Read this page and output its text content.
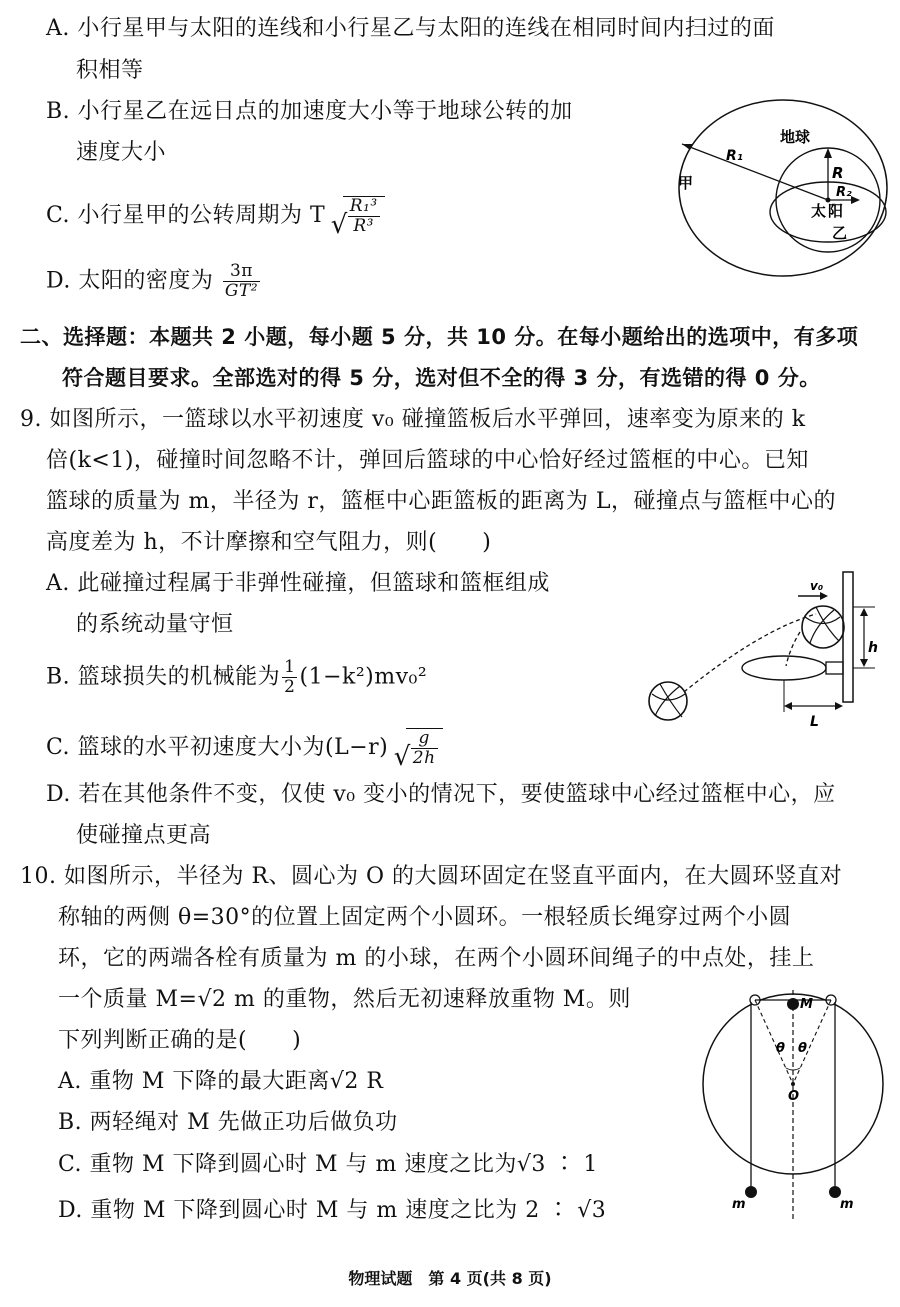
A. 小行星甲与太阳的连线和小行星乙与太阳的连线在相同时间内扫过的面
积相等
B. 小行星乙在远日点的加速度大小等于地球公转的加
速度大小
C. 小行星甲的公转周期为 T √ $\frac{\text{R₁³}}{\text{R³}}$
D. 太阳的密度为 $\frac{3\pi}{\text{GT²}}$
地球
R₁
R
R₂
太 阳
甲
乙
二、选择题：本题共 2 小题，每小题 5 分，共 10 分。在每小题给出的选项中，有多项
符合题目要求。全部选对的得 5 分，选对但不全的得 3 分，有选错的得 0 分。
9. 如图所示，一篮球以水平初速度 v₀ 碰撞篮板后水平弹回，速率变为原来的 k
倍(k<1)，碰撞时间忽略不计，弹回后篮球的中心恰好经过篮框的中心。已知
篮球的质量为 m，半径为 r，篮框中心距篮板的距离为 L，碰撞点与篮框中心的
高度差为 h，不计摩擦和空气阻力，则(　　)
A. 此碰撞过程属于非弹性碰撞，但篮球和篮框组成
的系统动量守恒
B. 篮球损失的机械能为 $\frac{1}{2} (1-k^2)mv_0^2$
C. 篮球的水平初速度大小为(L−r) √ $\frac{g}{2h}$
D. 若在其他条件不变，仅使 v₀ 变小的情况下，要使篮球中心经过篮框中心，应
使碰撞点更高
v₀
h
L
10. 如图所示，半径为 R、圆心为 O 的大圆环固定在竖直平面内，在大圆环竖直对
称轴的两侧 θ=30°的位置上固定两个小圆环。一根轻质长绳穿过两个小圆
环，它的两端各栓有质量为 m 的小球，在两个小圆环间绳子的中点处，挂上
一个质量 M=√2 m 的重物，然后无初速释放重物 M。则
下列判断正确的是(　　)
A. 重物 M 下降的最大距离√2 R
B. 两轻绳对 M 先做正功后做负功
C. 重物 M 下降到圆心时 M 与 m 速度之比为√3 ∶ 1
D. 重物 M 下降到圆心时 M 与 m 速度之比为 2 ∶ √3
M
θ θ
O
m	m
物理试题　第 4 页(共 8 页)
